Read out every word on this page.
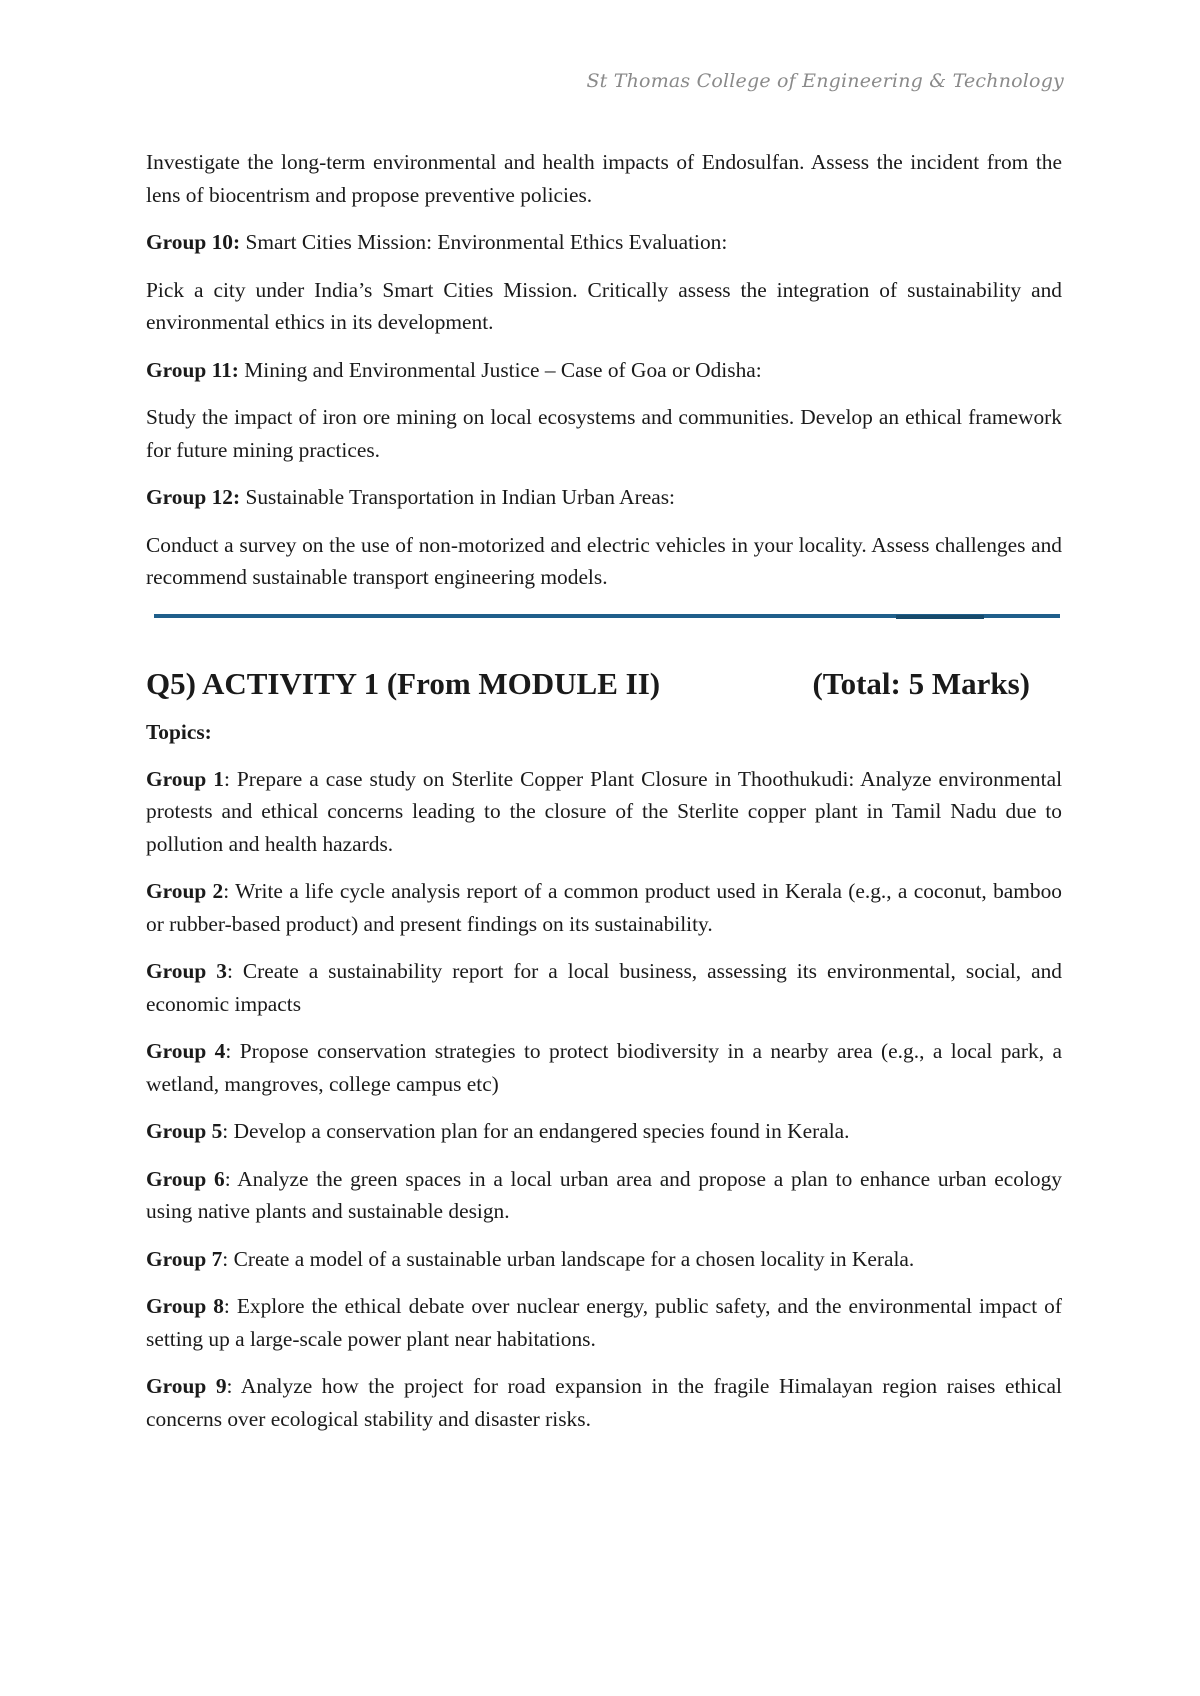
St Thomas College of Engineering & Technology

Investigate the long-term environmental and health impacts of Endosulfan. Assess the incident from the lens of biocentrism and propose preventive policies.

Group 10: Smart Cities Mission: Environmental Ethics Evaluation:

Pick a city under India’s Smart Cities Mission. Critically assess the integration of sustainability and environmental ethics in its development.

Group 11: Mining and Environmental Justice – Case of Goa or Odisha:

Study the impact of iron ore mining on local ecosystems and communities. Develop an ethical framework for future mining practices.

Group 12: Sustainable Transportation in Indian Urban Areas:

Conduct a survey on the use of non-motorized and electric vehicles in your locality. Assess challenges and recommend sustainable transport engineering models.

Q5) ACTIVITY 1 (From MODULE II)	(Total: 5 Marks)
Topics:

Group 1: Prepare a case study on Sterlite Copper Plant Closure in Thoothukudi: Analyze environmental protests and ethical concerns leading to the closure of the Sterlite copper plant in Tamil Nadu due to pollution and health hazards.

Group 2: Write a life cycle analysis report of a common product used in Kerala (e.g., a coconut, bamboo or rubber-based product) and present findings on its sustainability.

Group 3: Create a sustainability report for a local business, assessing its environmental, social, and economic impacts

Group 4: Propose conservation strategies to protect biodiversity in a nearby area (e.g., a local park, a wetland, mangroves, college campus etc)

Group 5: Develop a conservation plan for an endangered species found in Kerala.

Group 6: Analyze the green spaces in a local urban area and propose a plan to enhance urban ecology using native plants and sustainable design.

Group 7: Create a model of a sustainable urban landscape for a chosen locality in Kerala.

Group 8: Explore the ethical debate over nuclear energy, public safety, and the environmental impact of setting up a large-scale power plant near habitations.

Group 9: Analyze how the project for road expansion in the fragile Himalayan region raises ethical concerns over ecological stability and disaster risks.
